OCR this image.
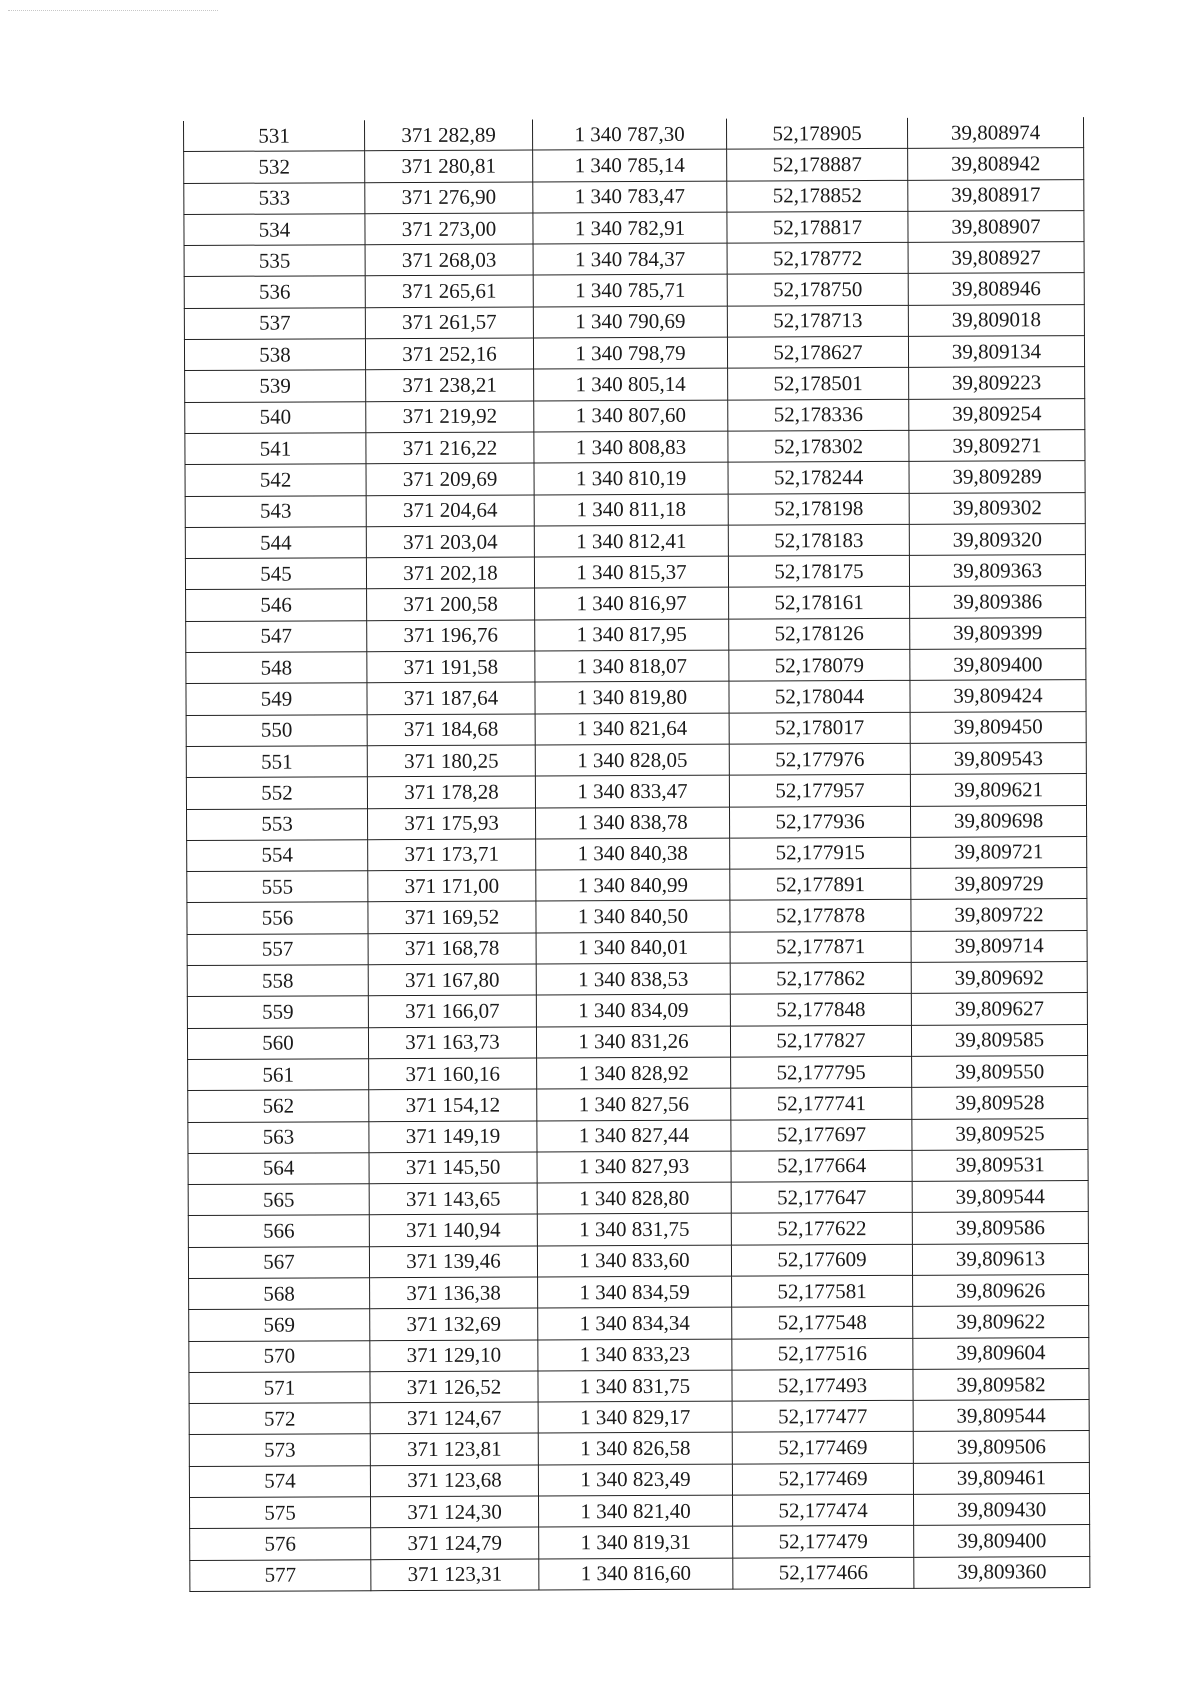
531	371 282,89	1 340 787,30	52,178905	39,808974
532	371 280,81	1 340 785,14	52,178887	39,808942
533	371 276,90	1 340 783,47	52,178852	39,808917
534	371 273,00	1 340 782,91	52,178817	39,808907
535	371 268,03	1 340 784,37	52,178772	39,808927
536	371 265,61	1 340 785,71	52,178750	39,808946
537	371 261,57	1 340 790,69	52,178713	39,809018
538	371 252,16	1 340 798,79	52,178627	39,809134
539	371 238,21	1 340 805,14	52,178501	39,809223
540	371 219,92	1 340 807,60	52,178336	39,809254
541	371 216,22	1 340 808,83	52,178302	39,809271
542	371 209,69	1 340 810,19	52,178244	39,809289
543	371 204,64	1 340 811,18	52,178198	39,809302
544	371 203,04	1 340 812,41	52,178183	39,809320
545	371 202,18	1 340 815,37	52,178175	39,809363
546	371 200,58	1 340 816,97	52,178161	39,809386
547	371 196,76	1 340 817,95	52,178126	39,809399
548	371 191,58	1 340 818,07	52,178079	39,809400
549	371 187,64	1 340 819,80	52,178044	39,809424
550	371 184,68	1 340 821,64	52,178017	39,809450
551	371 180,25	1 340 828,05	52,177976	39,809543
552	371 178,28	1 340 833,47	52,177957	39,809621
553	371 175,93	1 340 838,78	52,177936	39,809698
554	371 173,71	1 340 840,38	52,177915	39,809721
555	371 171,00	1 340 840,99	52,177891	39,809729
556	371 169,52	1 340 840,50	52,177878	39,809722
557	371 168,78	1 340 840,01	52,177871	39,809714
558	371 167,80	1 340 838,53	52,177862	39,809692
559	371 166,07	1 340 834,09	52,177848	39,809627
560	371 163,73	1 340 831,26	52,177827	39,809585
561	371 160,16	1 340 828,92	52,177795	39,809550
562	371 154,12	1 340 827,56	52,177741	39,809528
563	371 149,19	1 340 827,44	52,177697	39,809525
564	371 145,50	1 340 827,93	52,177664	39,809531
565	371 143,65	1 340 828,80	52,177647	39,809544
566	371 140,94	1 340 831,75	52,177622	39,809586
567	371 139,46	1 340 833,60	52,177609	39,809613
568	371 136,38	1 340 834,59	52,177581	39,809626
569	371 132,69	1 340 834,34	52,177548	39,809622
570	371 129,10	1 340 833,23	52,177516	39,809604
571	371 126,52	1 340 831,75	52,177493	39,809582
572	371 124,67	1 340 829,17	52,177477	39,809544
573	371 123,81	1 340 826,58	52,177469	39,809506
574	371 123,68	1 340 823,49	52,177469	39,809461
575	371 124,30	1 340 821,40	52,177474	39,809430
576	371 124,79	1 340 819,31	52,177479	39,809400
577	371 123,31	1 340 816,60	52,177466	39,809360
